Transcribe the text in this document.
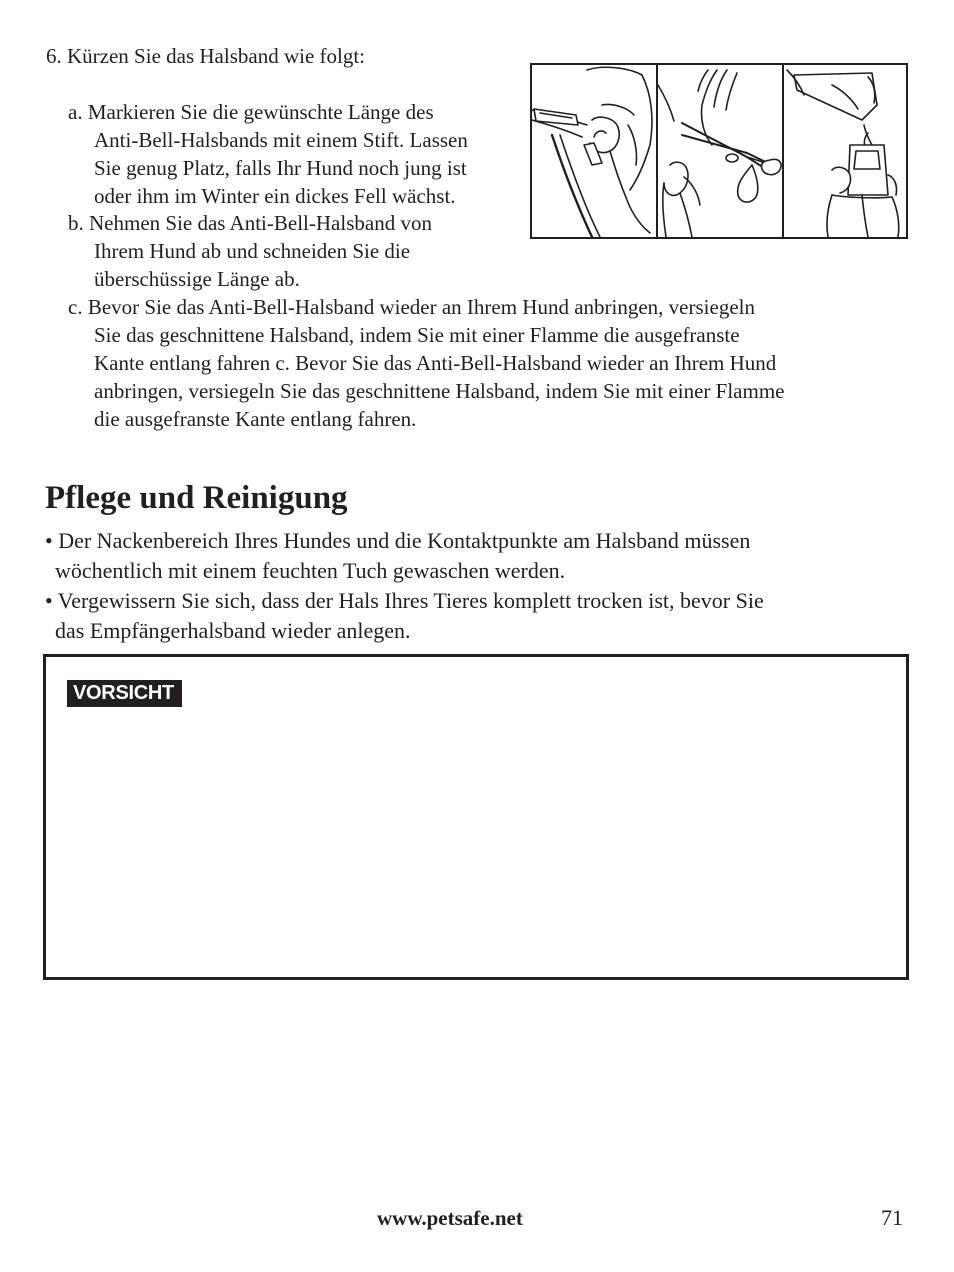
6. Kürzen Sie das Halsband wie folgt:
a. Markieren Sie die gewünschte Länge des
Anti-Bell-Halsbands mit einem Stift. Lassen
Sie genug Platz, falls Ihr Hund noch jung ist
oder ihm im Winter ein dickes Fell wächst.
b. Nehmen Sie das Anti-Bell-Halsband von
Ihrem Hund ab und schneiden Sie die
überschüssige Länge ab.
c. Bevor Sie das Anti-Bell-Halsband wieder an Ihrem Hund anbringen, versiegeln
Sie das geschnittene Halsband, indem Sie mit einer Flamme die ausgefranste
Kante entlang fahren c. Bevor Sie das Anti-Bell-Halsband wieder an Ihrem Hund
anbringen, versiegeln Sie das geschnittene Halsband, indem Sie mit einer Flamme
die ausgefranste Kante entlang fahren.
Pflege und Reinigung
• Der Nackenbereich Ihres Hundes und die Kontaktpunkte am Halsband müssen
wöchentlich mit einem feuchten Tuch gewaschen werden.
• Vergewissern Sie sich, dass der Hals Ihres Tieres komplett trocken ist, bevor Sie
das Empfängerhalsband wieder anlegen.
VORSICHT
www.petsafe.net	71
